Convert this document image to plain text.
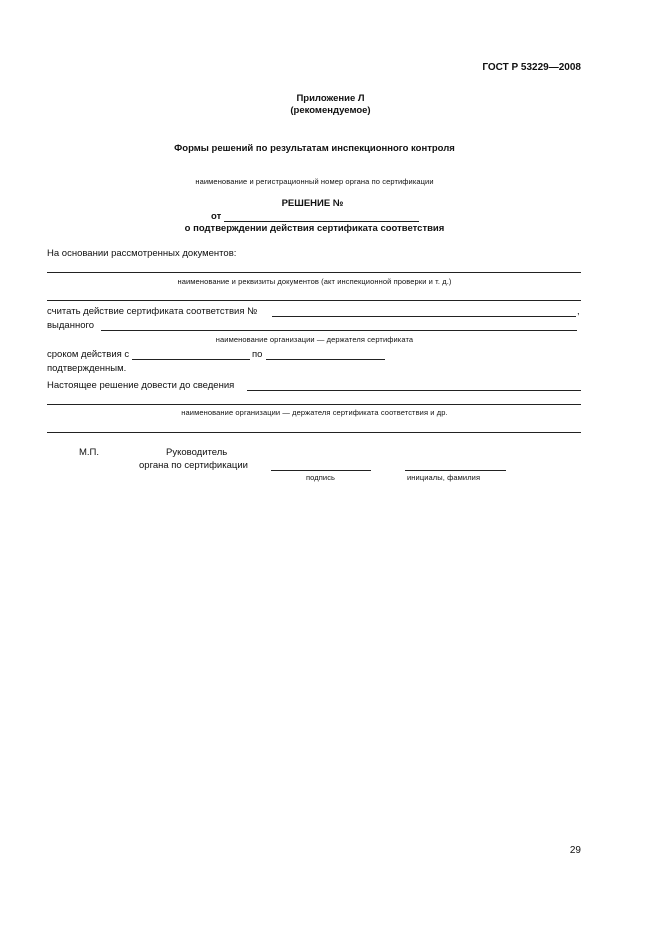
ГОСТ Р 53229—2008
Приложение Л
(рекомендуемое)
Формы решений по результатам инспекционного контроля
наименование и регистрационный номер органа по сертификации
РЕШЕНИЕ №
от
о подтверждении действия сертификата соответствия
На основании рассмотренных документов:
наименование и реквизиты документов (акт инспекционной проверки и т. д.)
считать действие сертификата соответствия №	,
выданного
наименование организации — держателя сертификата
сроком действия с	по
подтвержденным.
Настоящее решение довести до сведения
наименование организации — держателя сертификата соответствия и др.
М.П.	Руководитель
органа по сертификации
подпись	инициалы, фамилия
29
